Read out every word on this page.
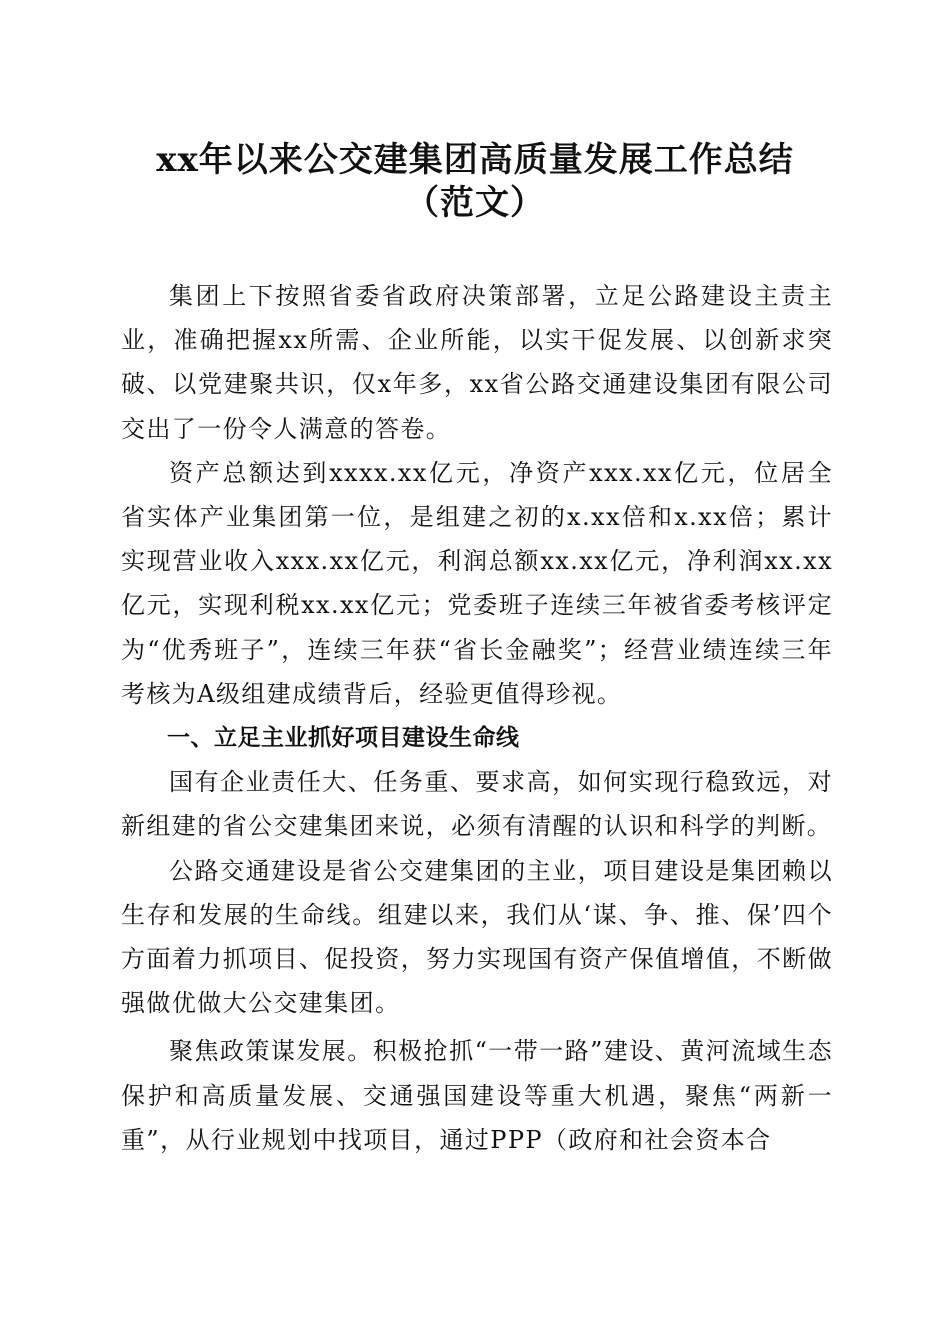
xx年以来公交建集团高质量发展工作总结
（范文）

集团上下按照省委省政府决策部署，立足公路建设主责主业，准确把握xx所需、企业所能，以实干促发展、以创新求突破、以党建聚共识，仅x年多，xx省公路交通建设集团有限公司交出了一份令人满意的答卷。

资产总额达到xxxx.xx亿元，净资产xxx.xx亿元，位居全省实体产业集团第一位，是组建之初的x.xx倍和x.xx倍；累计实现营业收入xxx.xx亿元，利润总额xx.xx亿元，净利润xx.xx亿元，实现利税xx.xx亿元；党委班子连续三年被省委考核评定为“优秀班子”，连续三年获“省长金融奖”；经营业绩连续三年考核为A级组建成绩背后，经验更值得珍视。

一、立足主业抓好项目建设生命线

国有企业责任大、任务重、要求高，如何实现行稳致远，对新组建的省公交建集团来说，必须有清醒的认识和科学的判断。

公路交通建设是省公交建集团的主业，项目建设是集团赖以生存和发展的生命线。组建以来，我们从‘谋、争、推、保’四个方面着力抓项目、促投资，努力实现国有资产保值增值，不断做强做优做大公交建集团。

聚焦政策谋发展。积极抢抓“一带一路”建设、黄河流域生态保护和高质量发展、交通强国建设等重大机遇，聚焦“两新一重”，从行业规划中找项目，通过PPP（政府和社会资本合
